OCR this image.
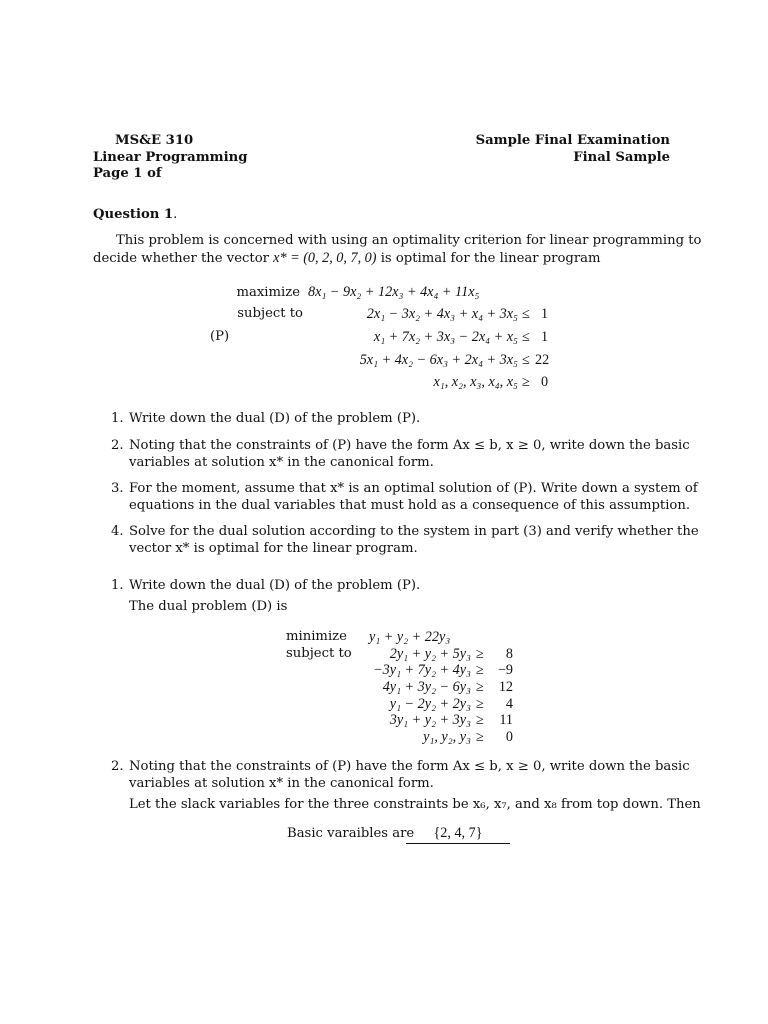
MS&E 310
Linear Programming
Page 1 of
Sample Final Examination
Final Sample
Question 1.
This problem is concerned with using an optimality criterion for linear programming to
decide whether the vector x* = (0, 2, 0, 7, 0) is optimal for the linear program
(P)
maximize 8x₁ − 9x₂ + 12x₃ + 4x₄ + 11x₅
subject to	2x₁ − 3x₂ + 4x₃ + x₄ + 3x₅ ≤ 1
x₁ + 7x₂ + 3x₃ − 2x₄ + x₅ ≤ 1
5x₁ + 4x₂ − 6x₃ + 2x₄ + 3x₅ ≤ 22
x₁, x₂, x₃, x₄, x₅ ≥ 0
1. Write down the dual (D) of the problem (P).
2. Noting that the constraints of (P) have the form Ax ≤ b, x ≥ 0, write down the basic
variables at solution x* in the canonical form.
3. For the moment, assume that x* is an optimal solution of (P). Write down a system of
equations in the dual variables that must hold as a consequence of this assumption.
4. Solve for the dual solution according to the system in part (3) and verify whether the
vector x* is optimal for the linear program.
1. Write down the dual (D) of the problem (P).
The dual problem (D) is
minimize y₁ + y₂ + 22y₃
subject to	2y₁ + y₂ + 5y₃ ≥ 8
−3y₁ + 7y₂ + 4y₃ ≥ −9
4y₁ + 3y₂ − 6y₃ ≥ 12
y₁ − 2y₂ + 2y₃ ≥ 4
3y₁ + y₂ + 3y₃ ≥ 11
y₁, y₂, y₃ ≥ 0
2. Noting that the constraints of (P) have the form Ax ≤ b, x ≥ 0, write down the basic
variables at solution x* in the canonical form.
Let the slack variables for the three constraints be x₆, x₇, and x₈ from top down. Then
Basic varaibles are	{2, 4, 7}
